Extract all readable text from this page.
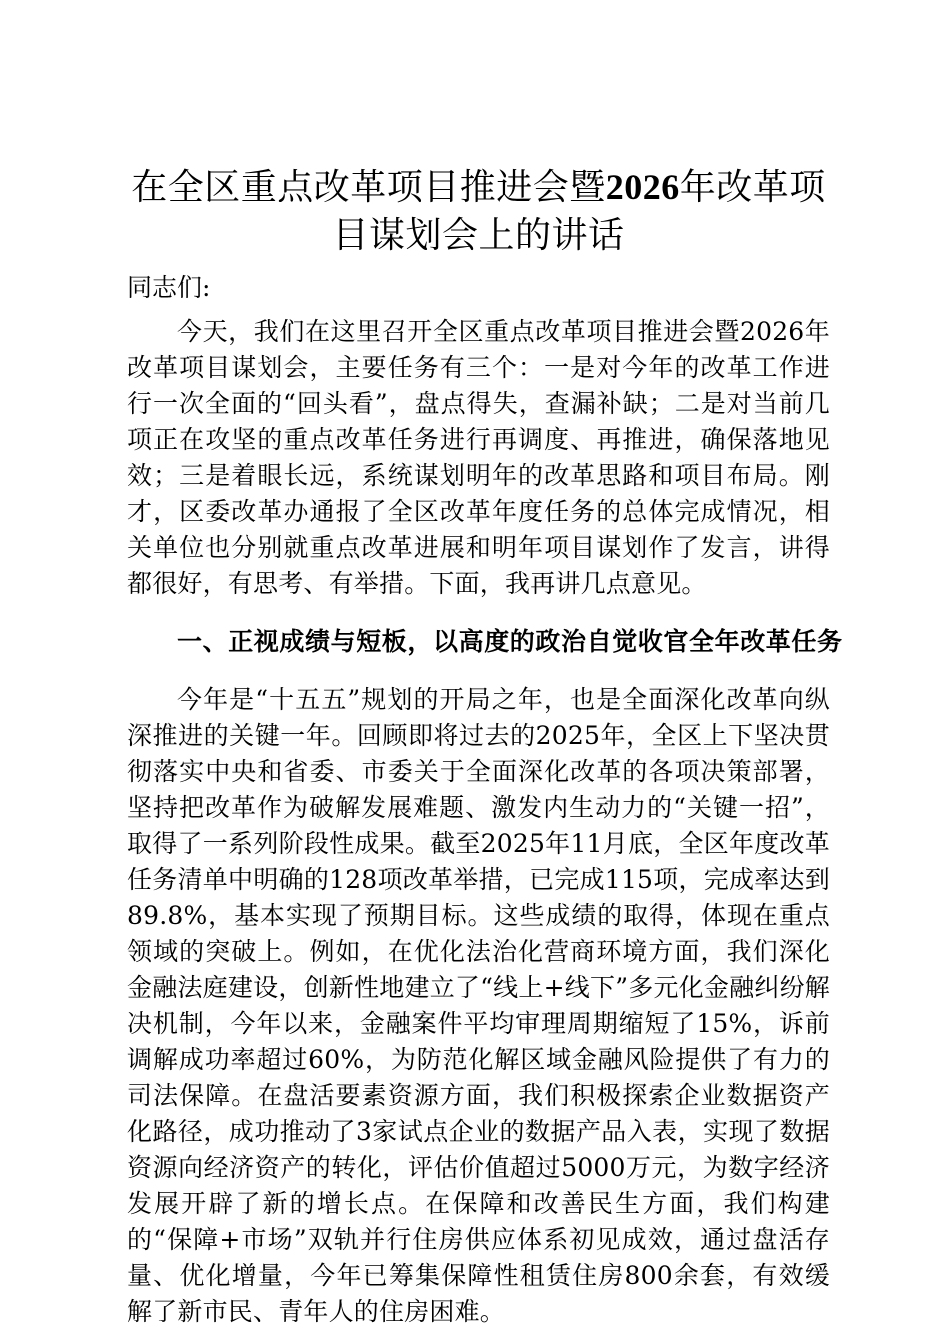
在全区重点改革项目推进会暨2026年改革项目谋划会上的讲话

同志们:

今天，我们在这里召开全区重点改革项目推进会暨2026年改革项目谋划会，主要任务有三个：一是对今年的改革工作进行一次全面的“回头看”，盘点得失，查漏补缺；二是对当前几项正在攻坚的重点改革任务进行再调度、再推进，确保落地见效；三是着眼长远，系统谋划明年的改革思路和项目布局。刚才，区委改革办通报了全区改革年度任务的总体完成情况，相关单位也分别就重点改革进展和明年项目谋划作了发言，讲得都很好，有思考、有举措。下面，我再讲几点意见。

一、正视成绩与短板，以高度的政治自觉收官全年改革任务

今年是“十五五”规划的开局之年，也是全面深化改革向纵深推进的关键一年。回顾即将过去的2025年，全区上下坚决贯彻落实中央和省委、市委关于全面深化改革的各项决策部署，坚持把改革作为破解发展难题、激发内生动力的“关键一招”，取得了一系列阶段性成果。截至2025年11月底，全区年度改革任务清单中明确的128项改革举措，已完成115项，完成率达到89.8%，基本实现了预期目标。这些成绩的取得，体现在重点领域的突破上。例如，在优化法治化营商环境方面，我们深化金融法庭建设，创新性地建立了“线上+线下”多元化金融纠纷解决机制，今年以来，金融案件平均审理周期缩短了15%，诉前调解成功率超过60%，为防范化解区域金融风险提供了有力的司法保障。在盘活要素资源方面，我们积极探索企业数据资产化路径，成功推动了3家试点企业的数据产品入表，实现了数据资源向经济资产的转化，评估价值超过5000万元，为数字经济发展开辟了新的增长点。在保障和改善民生方面，我们构建的“保障+市场”双轨并行住房供应体系初见成效，通过盘活存量、优化增量，今年已筹集保障性租赁住房800余套，有效缓解了新市民、青年人的住房困难。
